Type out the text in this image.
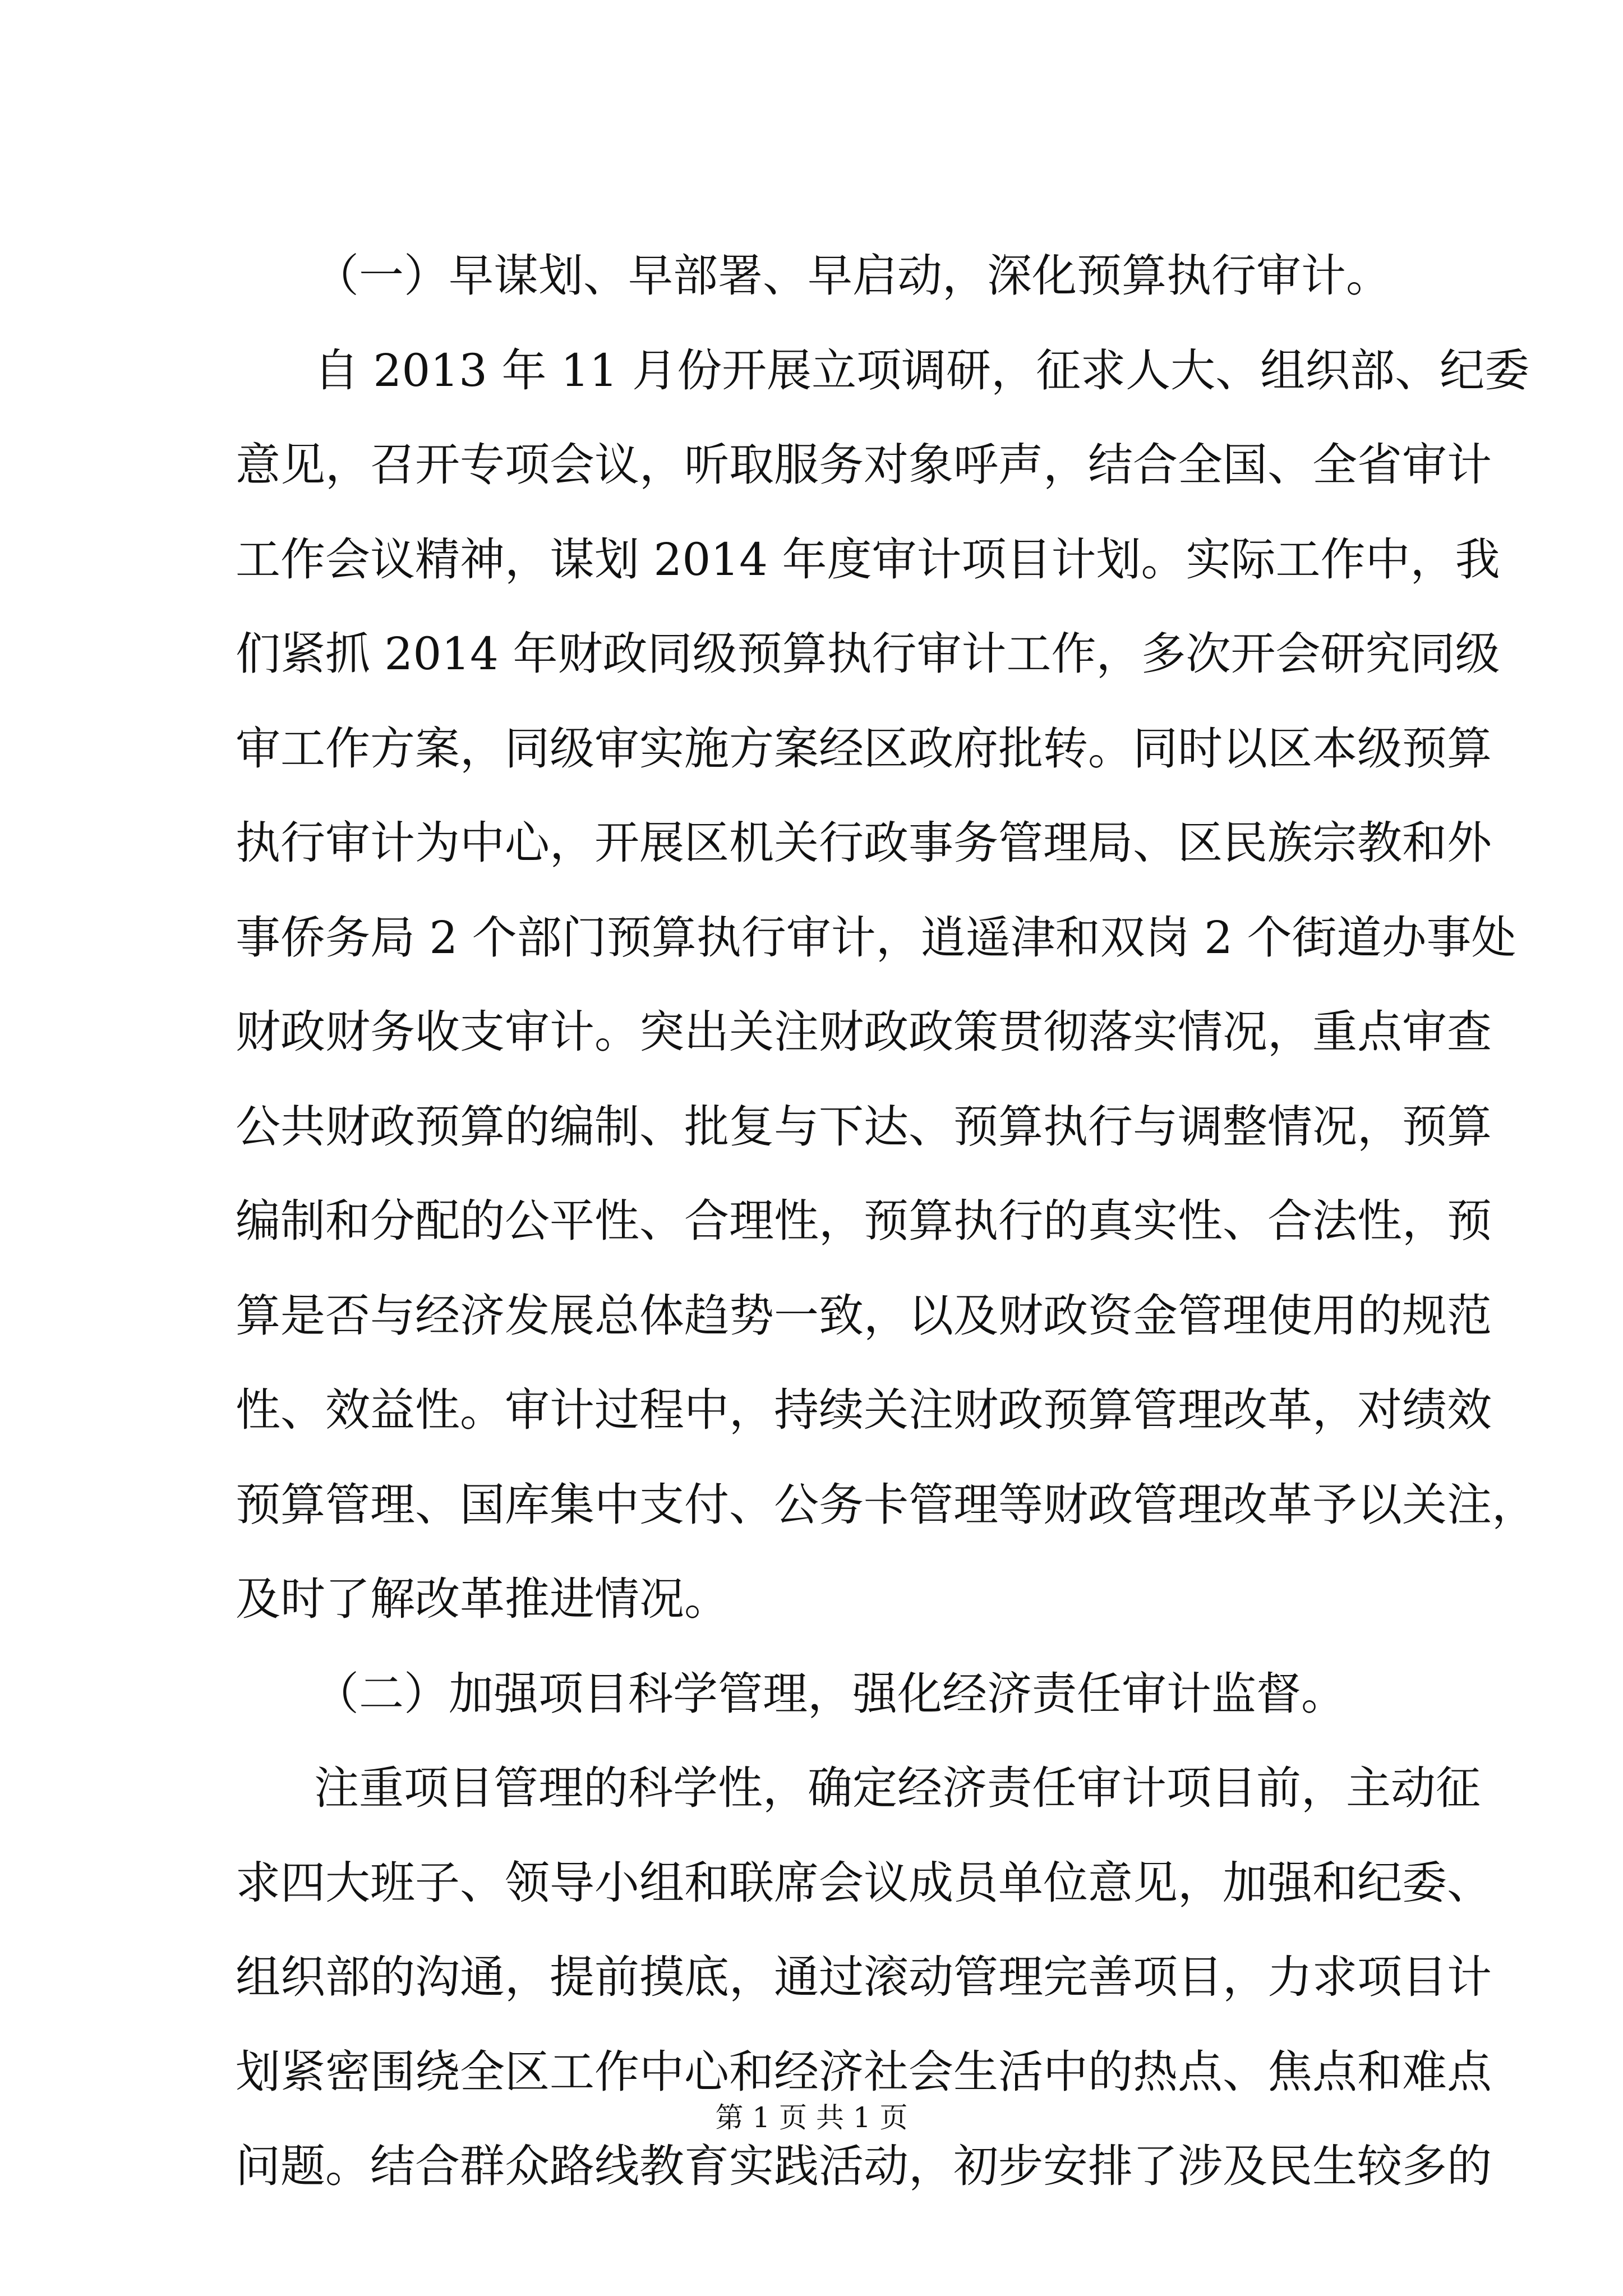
（一）早谋划、早部署、早启动，深化预算执行审计。
自 2013 年 11 月份开展立项调研，征求人大、组织部、纪委
意见，召开专项会议，听取服务对象呼声，结合全国、全省审计
工作会议精神，谋划 2014 年度审计项目计划。实际工作中，我
们紧抓 2014 年财政同级预算执行审计工作，多次开会研究同级
审工作方案，同级审实施方案经区政府批转。同时以区本级预算
执行审计为中心，开展区机关行政事务管理局、区民族宗教和外
事侨务局 2 个部门预算执行审计，逍遥津和双岗 2 个街道办事处
财政财务收支审计。突出关注财政政策贯彻落实情况，重点审查
公共财政预算的编制、批复与下达、预算执行与调整情况，预算
编制和分配的公平性、合理性，预算执行的真实性、合法性，预
算是否与经济发展总体趋势一致，以及财政资金管理使用的规范
性、效益性。审计过程中，持续关注财政预算管理改革，对绩效
预算管理、国库集中支付、公务卡管理等财政管理改革予以关注，
及时了解改革推进情况。
（二）加强项目科学管理，强化经济责任审计监督。
注重项目管理的科学性，确定经济责任审计项目前，主动征
求四大班子、领导小组和联席会议成员单位意见，加强和纪委、
组织部的沟通，提前摸底，通过滚动管理完善项目，力求项目计
划紧密围绕全区工作中心和经济社会生活中的热点、焦点和难点
问题。结合群众路线教育实践活动，初步安排了涉及民生较多的
第 1 页 共 1 页
